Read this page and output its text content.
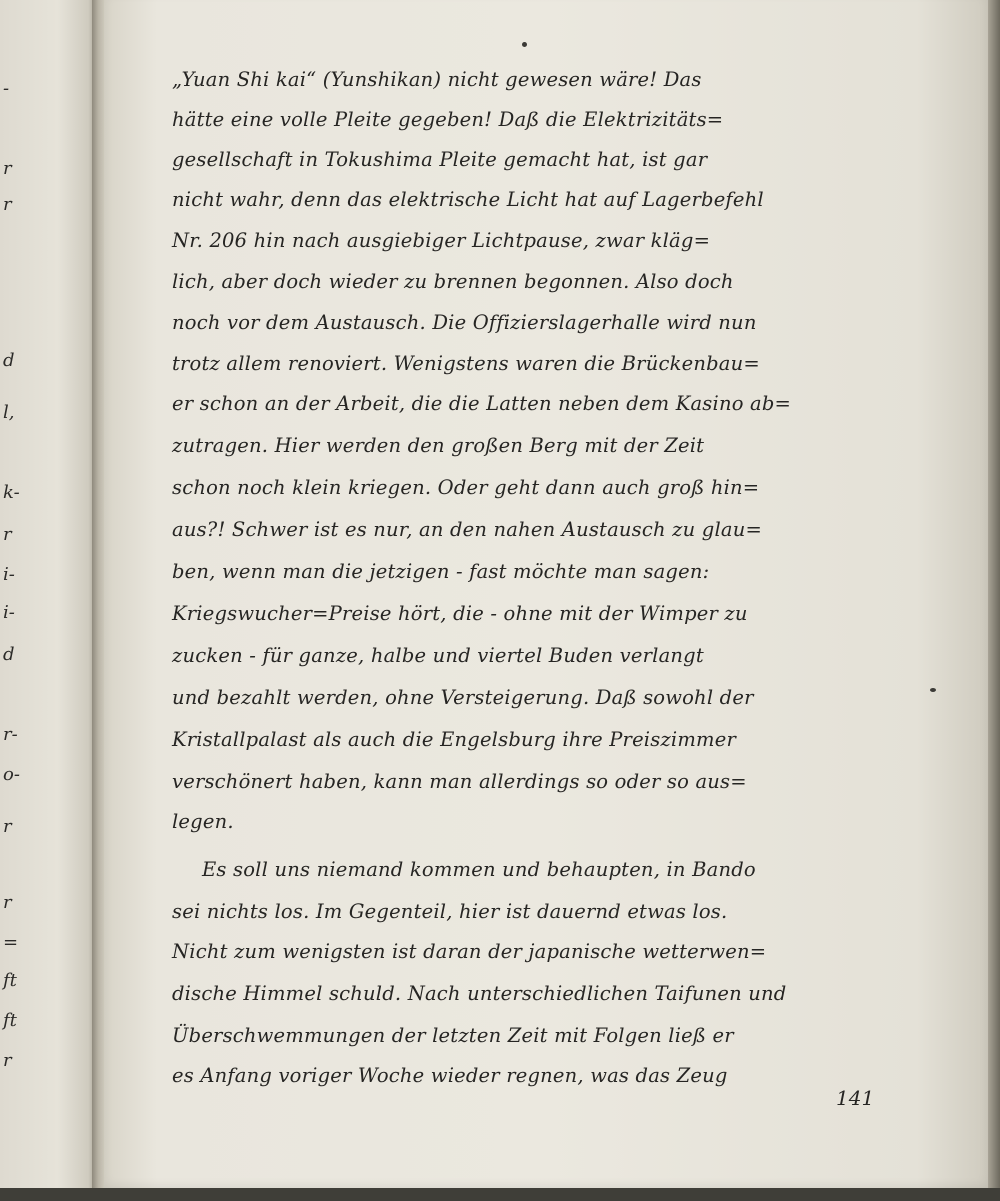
-
r
r
d
l,
k-
r
i-
i-
d
r-
o-
r
r
=
ft
ft
r
„Yuan Shi kai“ (Yunshikan) nicht gewesen wäre! Das
hätte eine volle Pleite gegeben! Daß die Elektrizitäts=
gesellschaft in Tokushima Pleite gemacht hat, ist gar
nicht wahr, denn das elektrische Licht hat auf Lagerbefehl
Nr. 206 hin nach ausgiebiger Lichtpause, zwar kläg=
lich, aber doch wieder zu brennen begonnen. Also doch
noch vor dem Austausch. Die Offizierslagerhalle wird nun
trotz allem renoviert. Wenigstens waren die Brückenbau=
er schon an der Arbeit, die die Latten neben dem Kasino ab=
zutragen. Hier werden den großen Berg mit der Zeit
schon noch klein kriegen. Oder geht dann auch groß hin=
aus?! Schwer ist es nur, an den nahen Austausch zu glau=
ben, wenn man die jetzigen - fast möchte man sagen:
Kriegswucher=Preise hört, die - ohne mit der Wimper zu
zucken - für ganze, halbe und viertel Buden verlangt
und bezahlt werden, ohne Versteigerung. Daß sowohl der
Kristallpalast als auch die Engelsburg ihre Preiszimmer
verschönert haben, kann man allerdings so oder so aus=
legen.
Es soll uns niemand kommen und behaupten, in Bando
sei nichts los. Im Gegenteil, hier ist dauernd etwas los.
Nicht zum wenigsten ist daran der japanische wetterwen=
dische Himmel schuld. Nach unterschiedlichen Taifunen und
Überschwemmungen der letzten Zeit mit Folgen ließ er
es Anfang voriger Woche wieder regnen, was das Zeug
141
